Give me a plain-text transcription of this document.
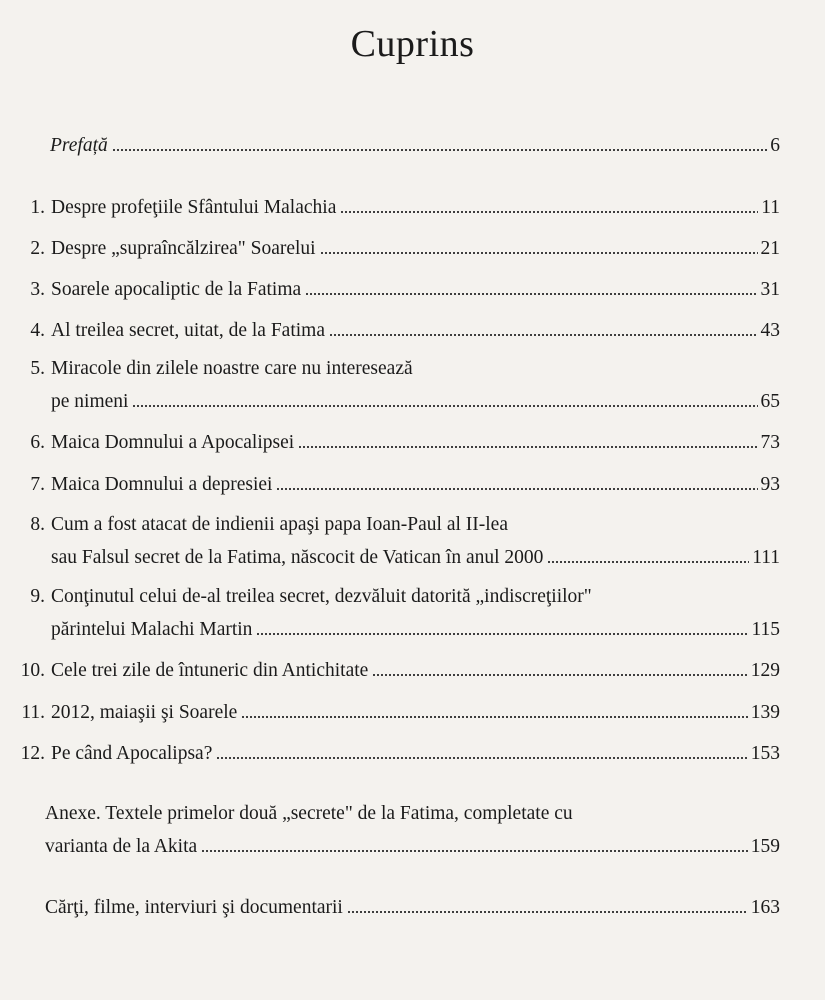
Cuprins
Prefață	6
1. Despre profeţiile Sfântului Malachia	11
2. Despre „supraîncălzirea" Soarelui	21
3. Soarele apocaliptic de la Fatima	31
4. Al treilea secret, uitat, de la Fatima	43
5. Miracole din zilele noastre care nu interesează
pe nimeni	65
6. Maica Domnului a Apocalipsei	73
7. Maica Domnului a depresiei	93
8. Cum a fost atacat de indienii apaşi papa Ioan-Paul al II-lea
sau Falsul secret de la Fatima, născocit de Vatican în anul 2000	111
9. Conţinutul celui de-al treilea secret, dezvăluit datorită „indiscreţiilor"
părintelui Malachi Martin	115
10. Cele trei zile de întuneric din Antichitate	129
11. 2012, maiaşii şi Soarele	139
12. Pe când Apocalipsa?	153
Anexe. Textele primelor două „secrete" de la Fatima, completate cu
varianta de la Akita	159
Cărţi, filme, interviuri şi documentarii	163
